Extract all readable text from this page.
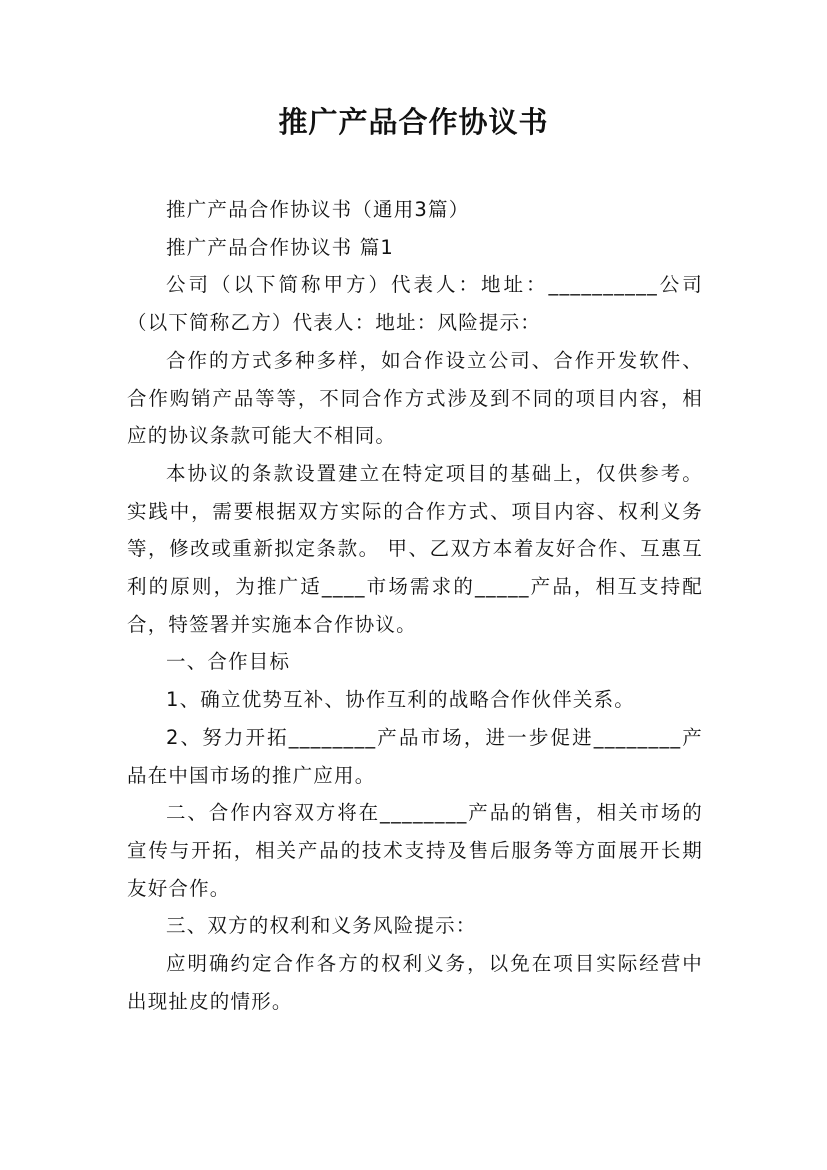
推广产品合作协议书

推广产品合作协议书（通用3篇）

推广产品合作协议书 篇1

公司（以下简称甲方）代表人：地址：__________公司（以下简称乙方）代表人：地址：风险提示：

合作的方式多种多样，如合作设立公司、合作开发软件、合作购销产品等等，不同合作方式涉及到不同的项目内容，相应的协议条款可能大不相同。

本协议的条款设置建立在特定项目的基础上，仅供参考。实践中，需要根据双方实际的合作方式、项目内容、权利义务等，修改或重新拟定条款。 甲、乙双方本着友好合作、互惠互利的原则，为推广适____市场需求的_____产品，相互支持配合，特签署并实施本合作协议。

一、合作目标

1、确立优势互补、协作互利的战略合作伙伴关系。

2、努力开拓________产品市场，进一步促进________产品在中国市场的推广应用。

二、合作内容双方将在________产品的销售，相关市场的宣传与开拓，相关产品的技术支持及售后服务等方面展开长期友好合作。

三、双方的权利和义务风险提示：

应明确约定合作各方的权利义务，以免在项目实际经营中出现扯皮的情形。
